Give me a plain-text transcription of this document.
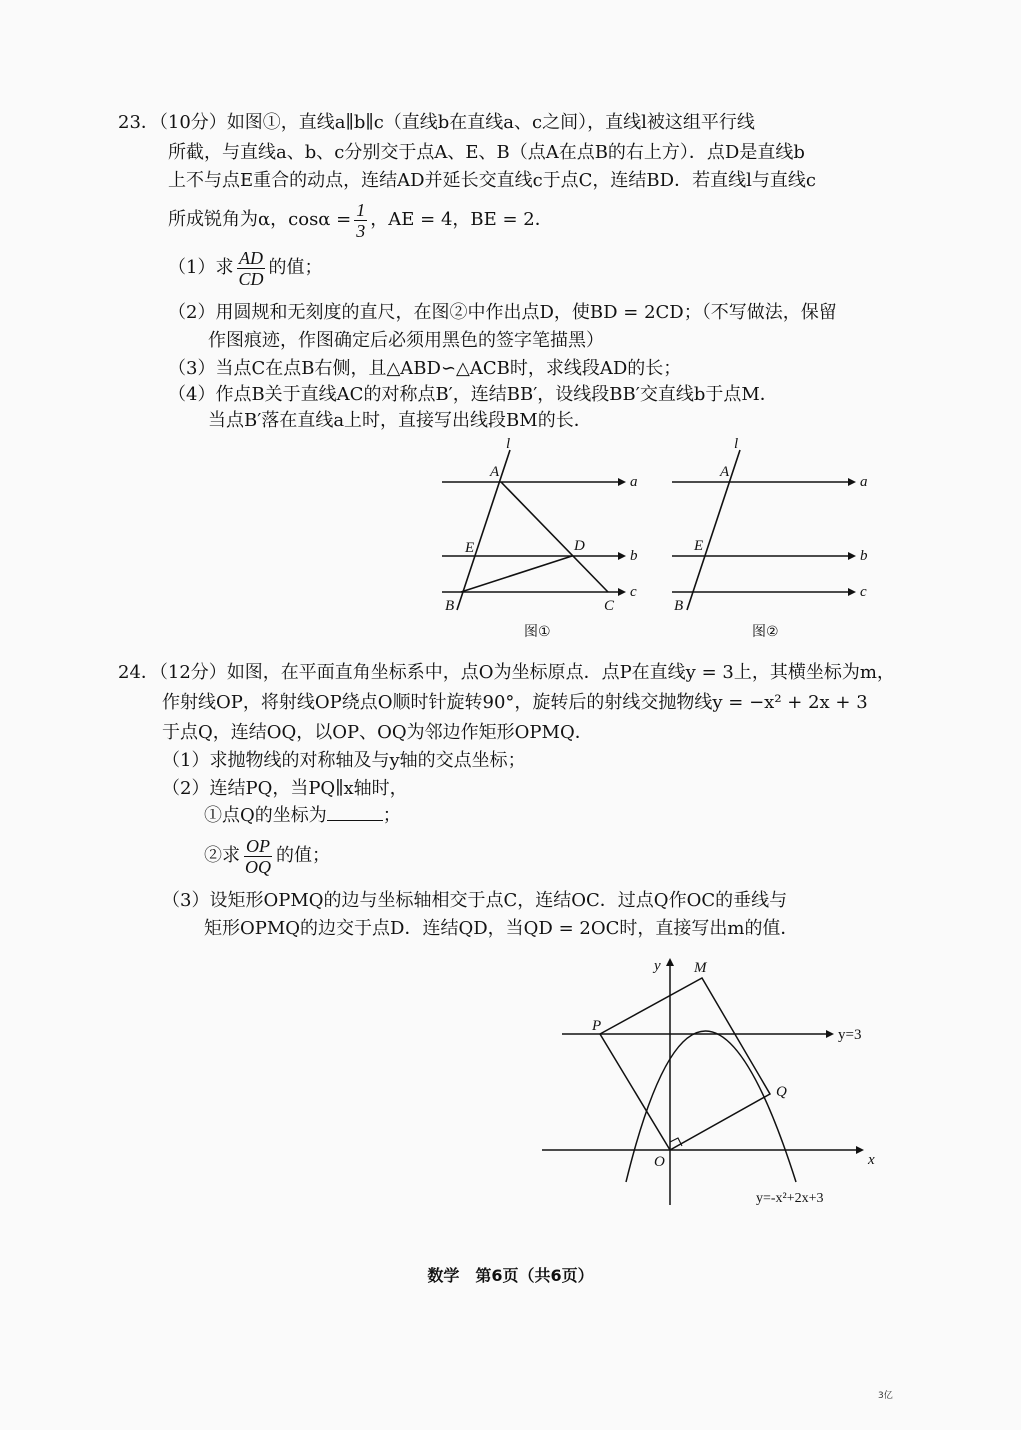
23．（10分）如图①，直线a∥b∥c（直线b在直线a、c之间），直线l被这组平行线
所截，与直线a、b、c分别交于点A、E、B（点A在点B的右上方）．点D是直线b
上不与点E重合的动点，连结AD并延长交直线c于点C，连结BD．若直线l与直线c
所成锐角为α，$\cos\alpha = \frac{1}{3}$ ，AE = 4，BE = 2．
（1）求 $\frac{AD}{CD}$ 的值；
（2）用圆规和无刻度的直尺，在图②中作出点D，使BD = 2CD；（不写做法，保留
作图痕迹，作图确定后必须用黑色的签字笔描黑）
（3）当点C在点B右侧，且△ABD∽△ACB时，求线段AD的长；
（4）作点B关于直线AC的对称点B′，连结BB′，设线段BB′交直线b于点M．
当点B′落在直线a上时，直接写出线段BM的长．
l
a
b
c
A
E	D
B	C
图①
l
a
b
c
A
E
B
图②
24．（12分）如图，在平面直角坐标系中，点O为坐标原点．点P在直线y = 3上，其横坐标为m，
作射线OP，将射线OP绕点O顺时针旋转90°，旋转后的射线交抛物线y = −x² + 2x + 3
于点Q，连结OQ，以OP、OQ为邻边作矩形OPMQ．
（1）求抛物线的对称轴及与y轴的交点坐标；
（2）连结PQ，当PQ∥x轴时，
①点Q的坐标为	；
②求 $\frac{OP}{OQ}$ 的值；
（3）设矩形OPMQ的边与坐标轴相交于点C，连结OC．过点Q作OC的垂线与
矩形OPMQ的边交于点D．连结QD，当QD = 2OC时，直接写出m的值．
y
x
M
P
Q
O
y=3
y=-x²+2x+3
数学　第6页（共6页）
3亿
